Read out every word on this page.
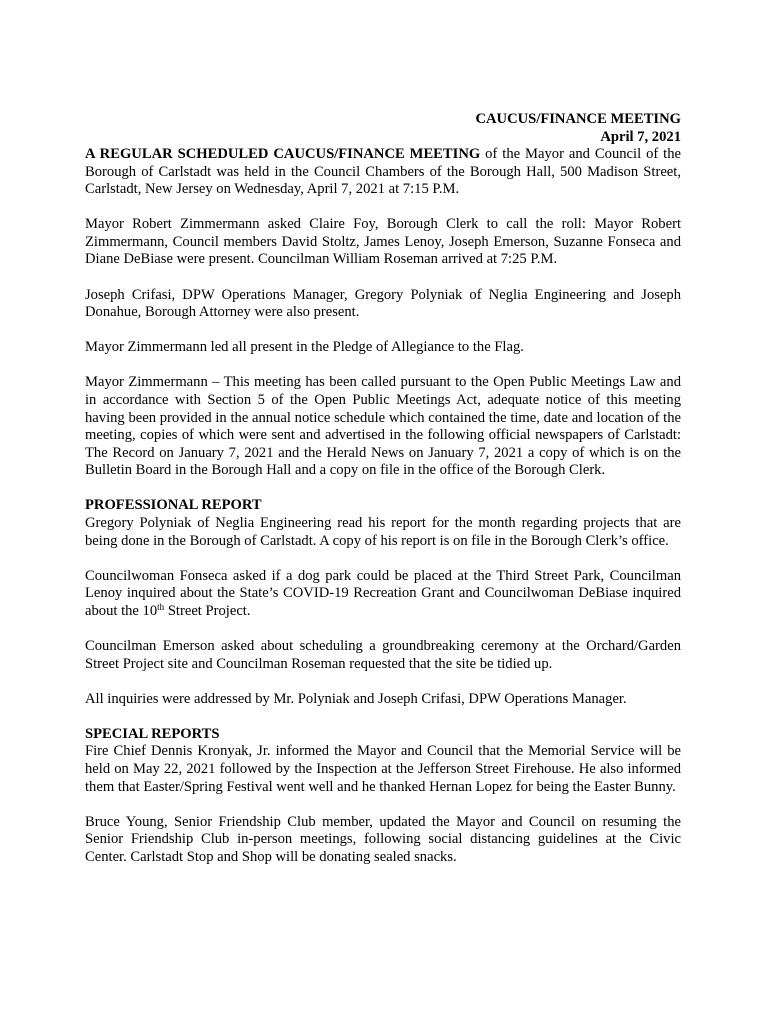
CAUCUS/FINANCE MEETING
April 7, 2021

A REGULAR SCHEDULED CAUCUS/FINANCE MEETING of the Mayor and Council of the Borough of Carlstadt was held in the Council Chambers of the Borough Hall, 500 Madison Street, Carlstadt, New Jersey on Wednesday, April 7, 2021 at 7:15 P.M.

Mayor Robert Zimmermann asked Claire Foy, Borough Clerk to call the roll: Mayor Robert Zimmermann, Council members David Stoltz, James Lenoy, Joseph Emerson, Suzanne Fonseca and Diane DeBiase were present. Councilman William Roseman arrived at 7:25 P.M.

Joseph Crifasi, DPW Operations Manager, Gregory Polyniak of Neglia Engineering and Joseph Donahue, Borough Attorney were also present.

Mayor Zimmermann led all present in the Pledge of Allegiance to the Flag.

Mayor Zimmermann – This meeting has been called pursuant to the Open Public Meetings Law and in accordance with Section 5 of the Open Public Meetings Act, adequate notice of this meeting having been provided in the annual notice schedule which contained the time, date and location of the meeting, copies of which were sent and advertised in the following official newspapers of Carlstadt: The Record on January 7, 2021 and the Herald News on January 7, 2021 a copy of which is on the Bulletin Board in the Borough Hall and a copy on file in the office of the Borough Clerk.

PROFESSIONAL REPORT

Gregory Polyniak of Neglia Engineering read his report for the month regarding projects that are being done in the Borough of Carlstadt. A copy of his report is on file in the Borough Clerk’s office.

Councilwoman Fonseca asked if a dog park could be placed at the Third Street Park, Councilman Lenoy inquired about the State’s COVID-19 Recreation Grant and Councilwoman DeBiase inquired about the 10th Street Project.

Councilman Emerson asked about scheduling a groundbreaking ceremony at the Orchard/Garden Street Project site and Councilman Roseman requested that the site be tidied up.

All inquiries were addressed by Mr. Polyniak and Joseph Crifasi, DPW Operations Manager.

SPECIAL REPORTS

Fire Chief Dennis Kronyak, Jr. informed the Mayor and Council that the Memorial Service will be held on May 22, 2021 followed by the Inspection at the Jefferson Street Firehouse. He also informed them that Easter/Spring Festival went well and he thanked Hernan Lopez for being the Easter Bunny.

Bruce Young, Senior Friendship Club member, updated the Mayor and Council on resuming the Senior Friendship Club in-person meetings, following social distancing guidelines at the Civic Center. Carlstadt Stop and Shop will be donating sealed snacks.
